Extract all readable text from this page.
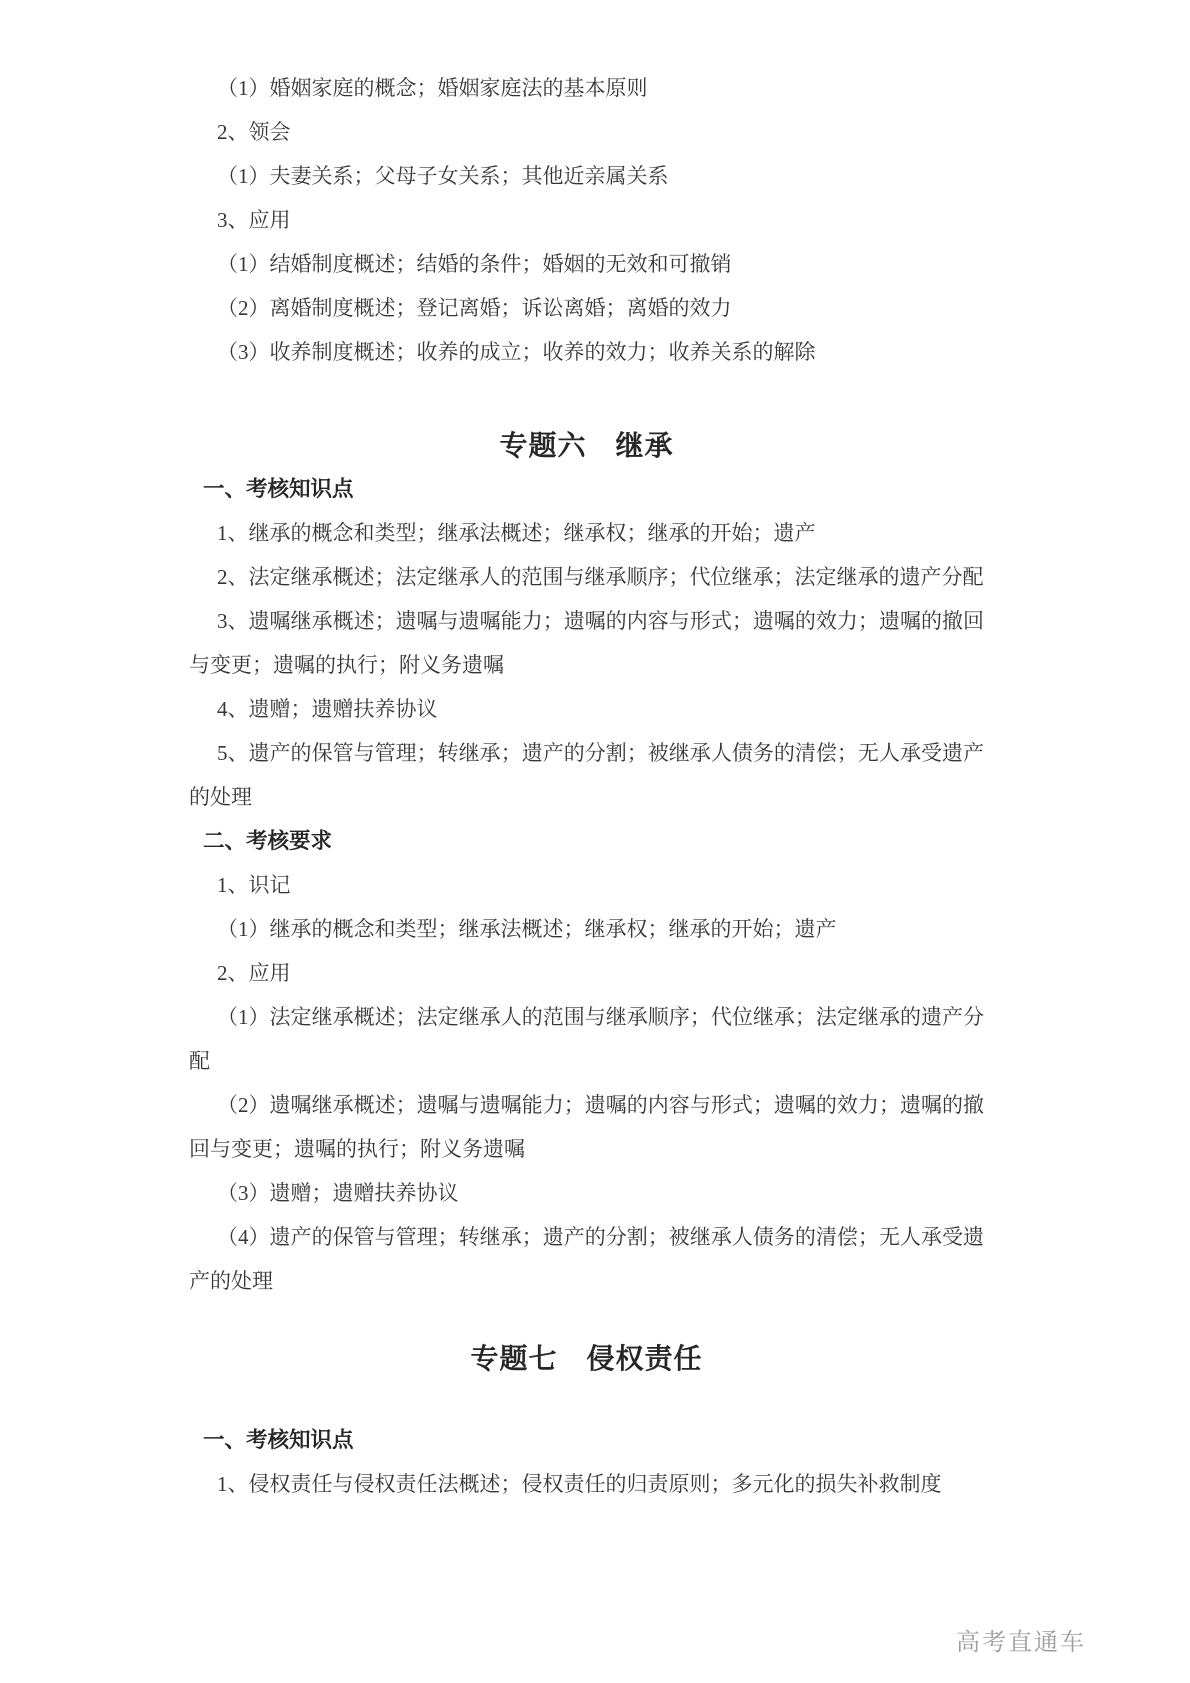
（1）婚姻家庭的概念；婚姻家庭法的基本原则

2、领会

（1）夫妻关系；父母子女关系；其他近亲属关系

3、应用

（1）结婚制度概述；结婚的条件；婚姻的无效和可撤销

（2）离婚制度概述；登记离婚；诉讼离婚；离婚的效力

（3）收养制度概述；收养的成立；收养的效力；收养关系的解除

专题六　继承
一、考核知识点

1、继承的概念和类型；继承法概述；继承权；继承的开始；遗产

2、法定继承概述；法定继承人的范围与继承顺序；代位继承；法定继承的遗产分配

3、遗嘱继承概述；遗嘱与遗嘱能力；遗嘱的内容与形式；遗嘱的效力；遗嘱的撤回与变更；遗嘱的执行；附义务遗嘱

4、遗赠；遗赠扶养协议

5、遗产的保管与管理；转继承；遗产的分割；被继承人债务的清偿；无人承受遗产的处理

二、考核要求

1、识记

（1）继承的概念和类型；继承法概述；继承权；继承的开始；遗产

2、应用

（1）法定继承概述；法定继承人的范围与继承顺序；代位继承；法定继承的遗产分配

（2）遗嘱继承概述；遗嘱与遗嘱能力；遗嘱的内容与形式；遗嘱的效力；遗嘱的撤回与变更；遗嘱的执行；附义务遗嘱

（3）遗赠；遗赠扶养协议

（4）遗产的保管与管理；转继承；遗产的分割；被继承人债务的清偿；无人承受遗产的处理

专题七　侵权责任
一、考核知识点

1、侵权责任与侵权责任法概述；侵权责任的归责原则；多元化的损失补救制度

高考直通车
